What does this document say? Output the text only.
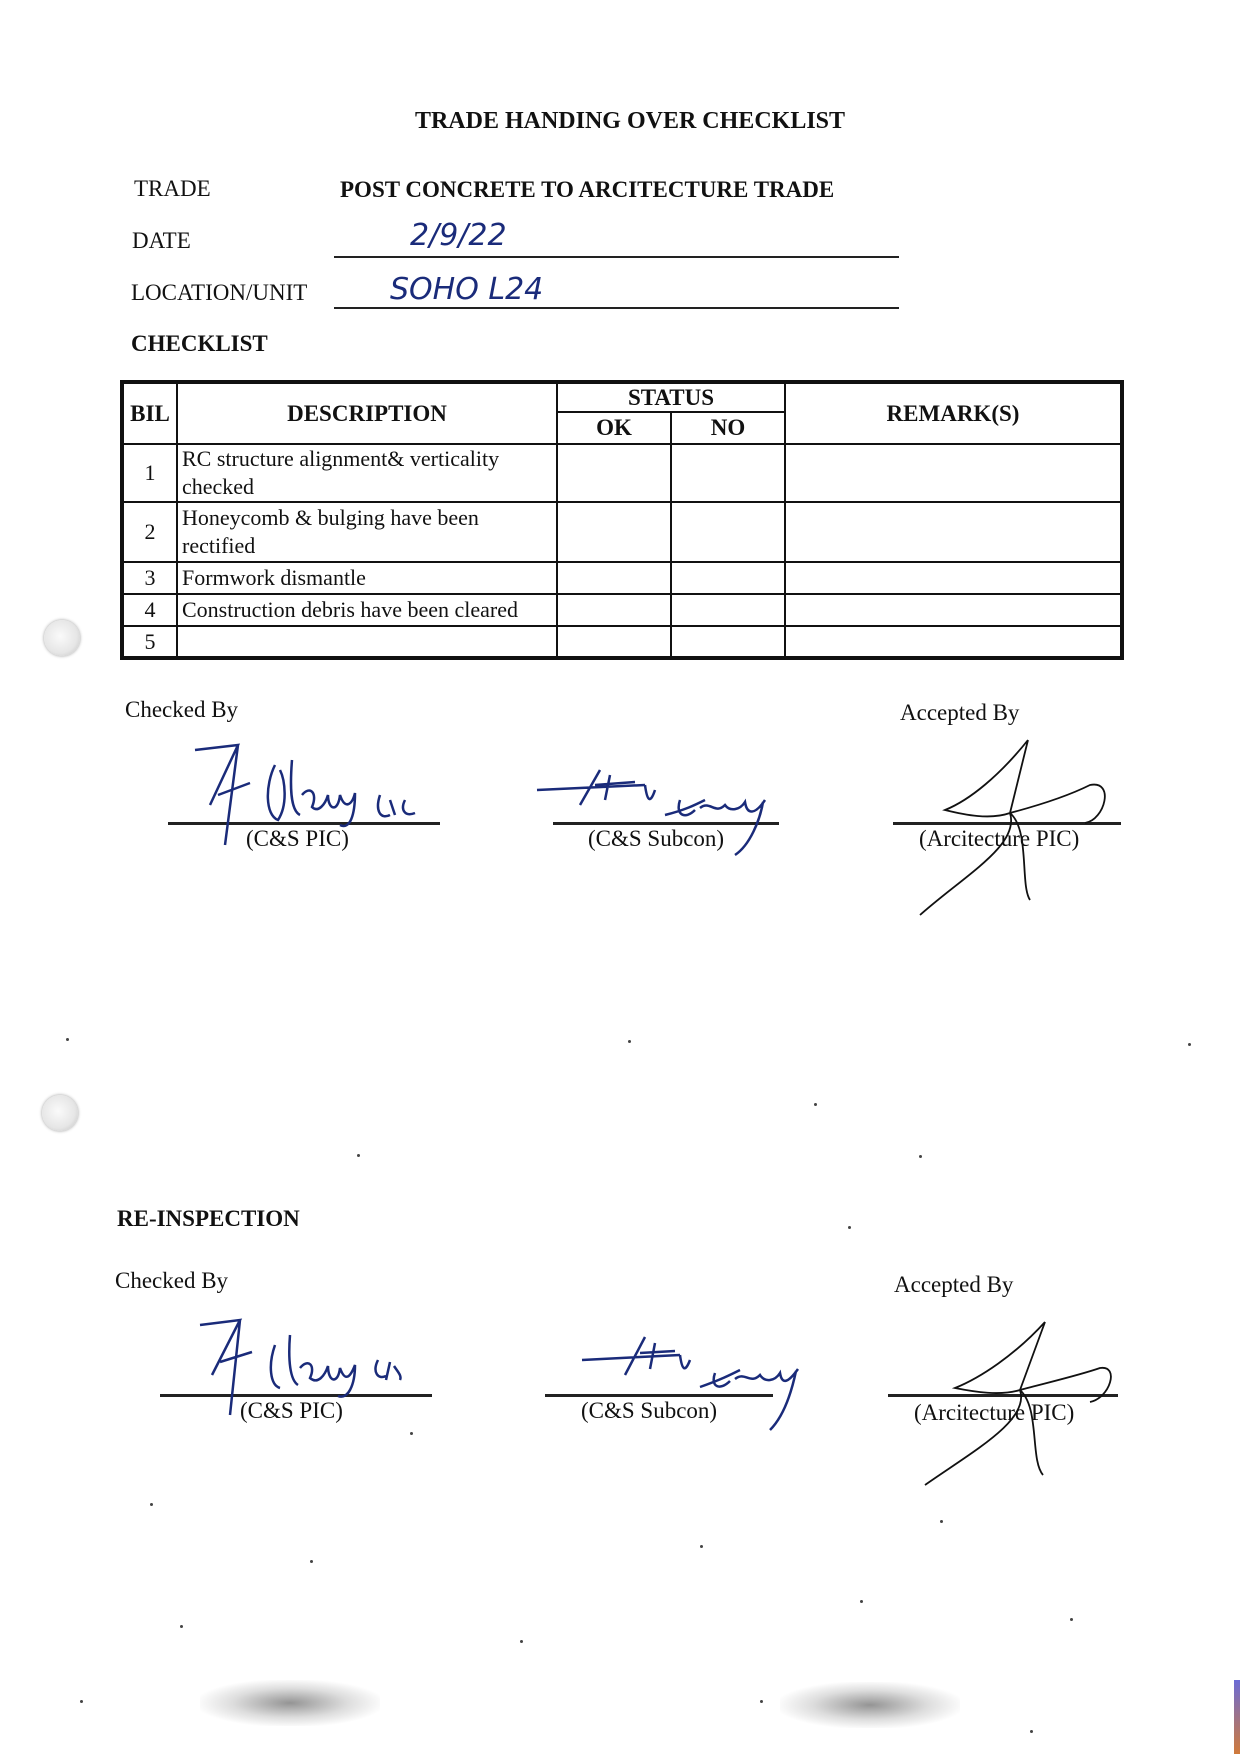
TRADE HANDING OVER CHECKLIST
TRADE	POST CONCRETE TO ARCITECTURE TRADE
DATE	2/9/22
LOCATION/UNIT	SOHO L24
CHECKLIST
BIL	DESCRIPTION	STATUS		REMARK(S)
		OK	NO	
1	RC structure alignment& verticality checked			
2	Honeycomb & bulging have been rectified			
3	Formwork dismantle			
4	Construction debris have been cleared			

5				
Checked By	Accepted By
(C&S PIC)	(C&S Subcon)	(Arcitecture PIC)
RE-INSPECTION
Checked By	Accepted By
(C&S PIC)	(C&S Subcon)	(Arcitecture PIC)
